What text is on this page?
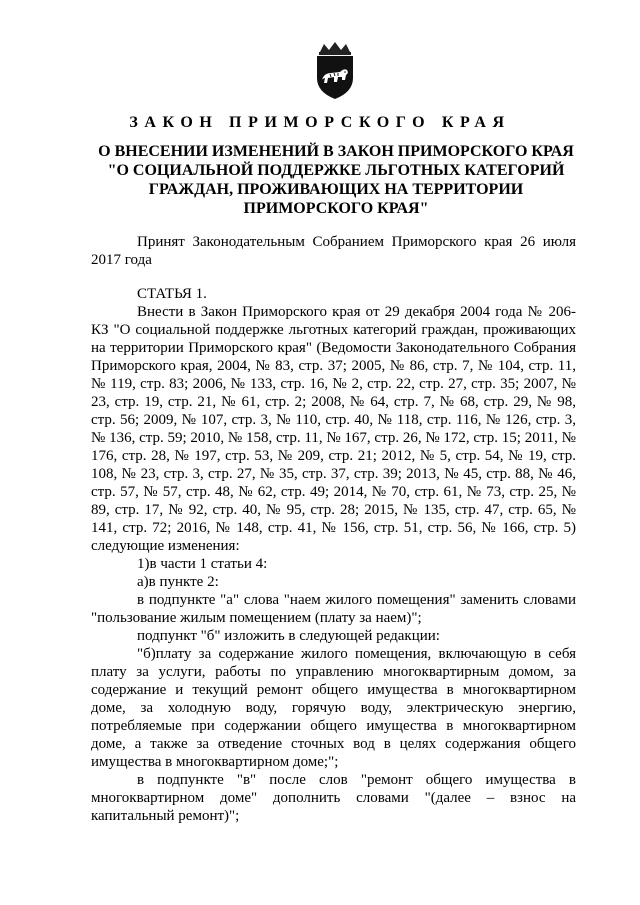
ЗАКОН ПРИМОРСКОГО КРАЯ
О ВНЕСЕНИИ ИЗМЕНЕНИЙ В ЗАКОН ПРИМОРСКОГО КРАЯ
"О СОЦИАЛЬНОЙ ПОДДЕРЖКЕ ЛЬГОТНЫХ КАТЕГОРИЙ
ГРАЖДАН, ПРОЖИВАЮЩИХ НА ТЕРРИТОРИИ
ПРИМОРСКОГО КРАЯ"

Принят Законодательным Собранием Приморского края 26 июля 2017 года

СТАТЬЯ 1.

Внести в Закон Приморского края от 29 декабря 2004 года № 206-КЗ "О социальной поддержке льготных категорий граждан, проживающих на территории Приморского края" (Ведомости Законодательного Собрания Приморского края, 2004, № 83, стр. 37; 2005, № 86, стр. 7, № 104, стр. 11, № 119, стр. 83; 2006, № 133, стр. 16, № 2, стр. 22, стр. 27, стр. 35; 2007, № 23, стр. 19, стр. 21, № 61, стр. 2; 2008, № 64, стр. 7, № 68, стр. 29, № 98, стр. 56; 2009, № 107, стр. 3, № 110, стр. 40, № 118, стр. 116, № 126, стр. 3, № 136, стр. 59; 2010, № 158, стр. 11, № 167, стр. 26, № 172, стр. 15; 2011, № 176, стр. 28, № 197, стр. 53, № 209, стр. 21; 2012, № 5, стр. 54, № 19, стр. 108, № 23, стр. 3, стр. 27, № 35, стр. 37, стр. 39; 2013, № 45, стр. 88, № 46, стр. 57, № 57, стр. 48, № 62, стр. 49; 2014, № 70, стр. 61, № 73, стр. 25, № 89, стр. 17, № 92, стр. 40, № 95, стр. 28; 2015, № 135, стр. 47, стр. 65, № 141, стр. 72; 2016, № 148, стр. 41, № 156, стр. 51, стр. 56, № 166, стр. 5) следующие изменения:

1)в части 1 статьи 4:

а)в пункте 2:

в подпункте "а" слова "наем жилого помещения" заменить словами "пользование жилым помещением (плату за наем)";

подпункт "б" изложить в следующей редакции:

"б)плату за содержание жилого помещения, включающую в себя плату за услуги, работы по управлению многоквартирным домом, за содержание и текущий ремонт общего имущества в многоквартирном доме, за холодную воду, горячую воду, электрическую энергию, потребляемые при содержании общего имущества в многоквартирном доме, а также за отведение сточных вод в целях содержания общего имущества в многоквартирном доме;";

в подпункте "в" после слов "ремонт общего имущества в многоквартирном доме" дополнить словами "(далее – взнос на капитальный ремонт)";
